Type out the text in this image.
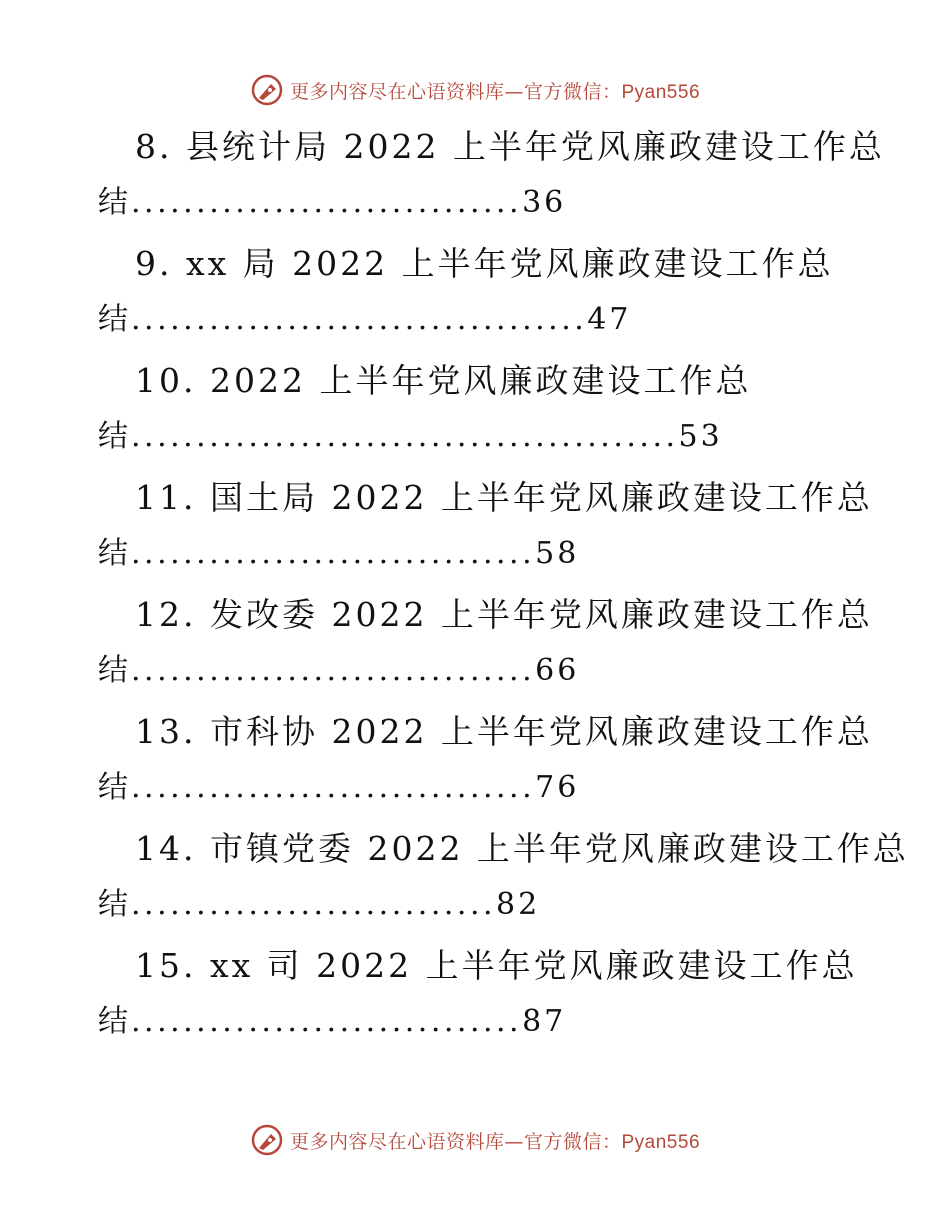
更多内容尽在心语资料库—官方微信：Pyan556
8. 县统计局 2022 上半年党风廉政建设工作总
结..............................36
9. xx 局 2022 上半年党风廉政建设工作总
结...................................47
10. 2022 上半年党风廉政建设工作总
结..........................................53
11. 国土局 2022 上半年党风廉政建设工作总
结...............................58
12. 发改委 2022 上半年党风廉政建设工作总
结...............................66
13. 市科协 2022 上半年党风廉政建设工作总
结...............................76
14. 市镇党委 2022 上半年党风廉政建设工作总
结............................82
15. xx 司 2022 上半年党风廉政建设工作总
结..............................87
更多内容尽在心语资料库—官方微信：Pyan556
